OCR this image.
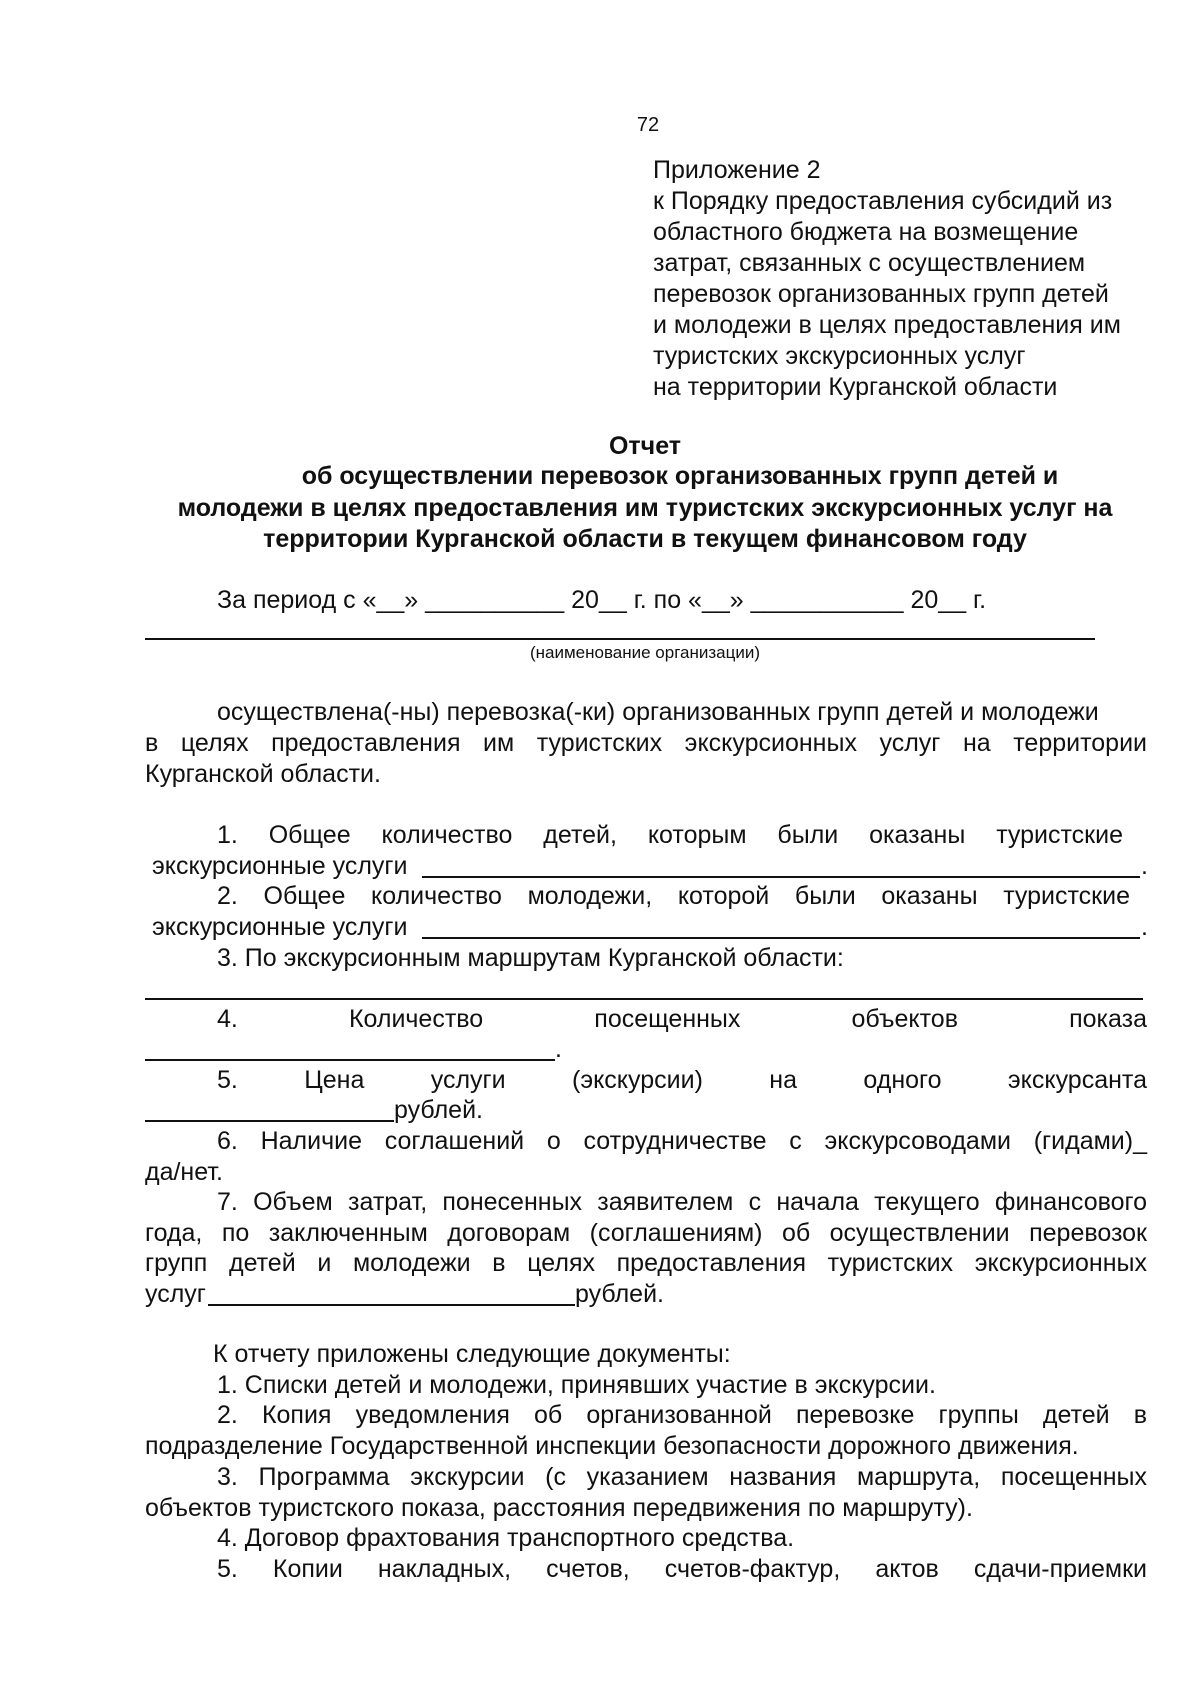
72
Приложение 2
к Порядку предоставления субсидий из
областного бюджета на возмещение
затрат, связанных с осуществлением
перевозок организованных групп детей
и молодежи в целях предоставления им
туристских экскурсионных услуг
на территории Курганской области
Отчет
об осуществлении перевозок организованных групп детей и
молодежи в целях предоставления им туристских экскурсионных услуг на
территории Курганской области в текущем финансовом году
За период с «__» __________ 20__ г. по «__» ___________ 20__ г.
(наименование организации)
осуществлена(-ны) перевозка(-ки) организованных групп детей и молодежи
в целях предоставления им туристских экскурсионных услуг на территории
Курганской области.
1. Общее количество детей, которым были оказаны туристские
экскурсионные услуги	.
2. Общее количество молодежи, которой были оказаны туристские
экскурсионные услуги	.
3. По экскурсионным маршрутам Курганской области:
4. Количество посещенных объектов показа
.
5. Цена услуги (экскурсии) на одного экскурсанта
рублей.
6. Наличие соглашений о сотрудничестве с экскурсоводами (гидами)_
да/нет.
7. Объем затрат, понесенных заявителем с начала текущего финансового
года, по заключенным договорам (соглашениям) об осуществлении перевозок
групп детей и молодежи в целях предоставления туристских экскурсионных
услуг	рублей.
К отчету приложены следующие документы:
1. Списки детей и молодежи, принявших участие в экскурсии.
2. Копия уведомления об организованной перевозке группы детей в
подразделение Государственной инспекции безопасности дорожного движения.
3. Программа экскурсии (с указанием названия маршрута, посещенных
объектов туристского показа, расстояния передвижения по маршруту).
4. Договор фрахтования транспортного средства.
5. Копии накладных, счетов, счетов-фактур, актов сдачи-приемки
